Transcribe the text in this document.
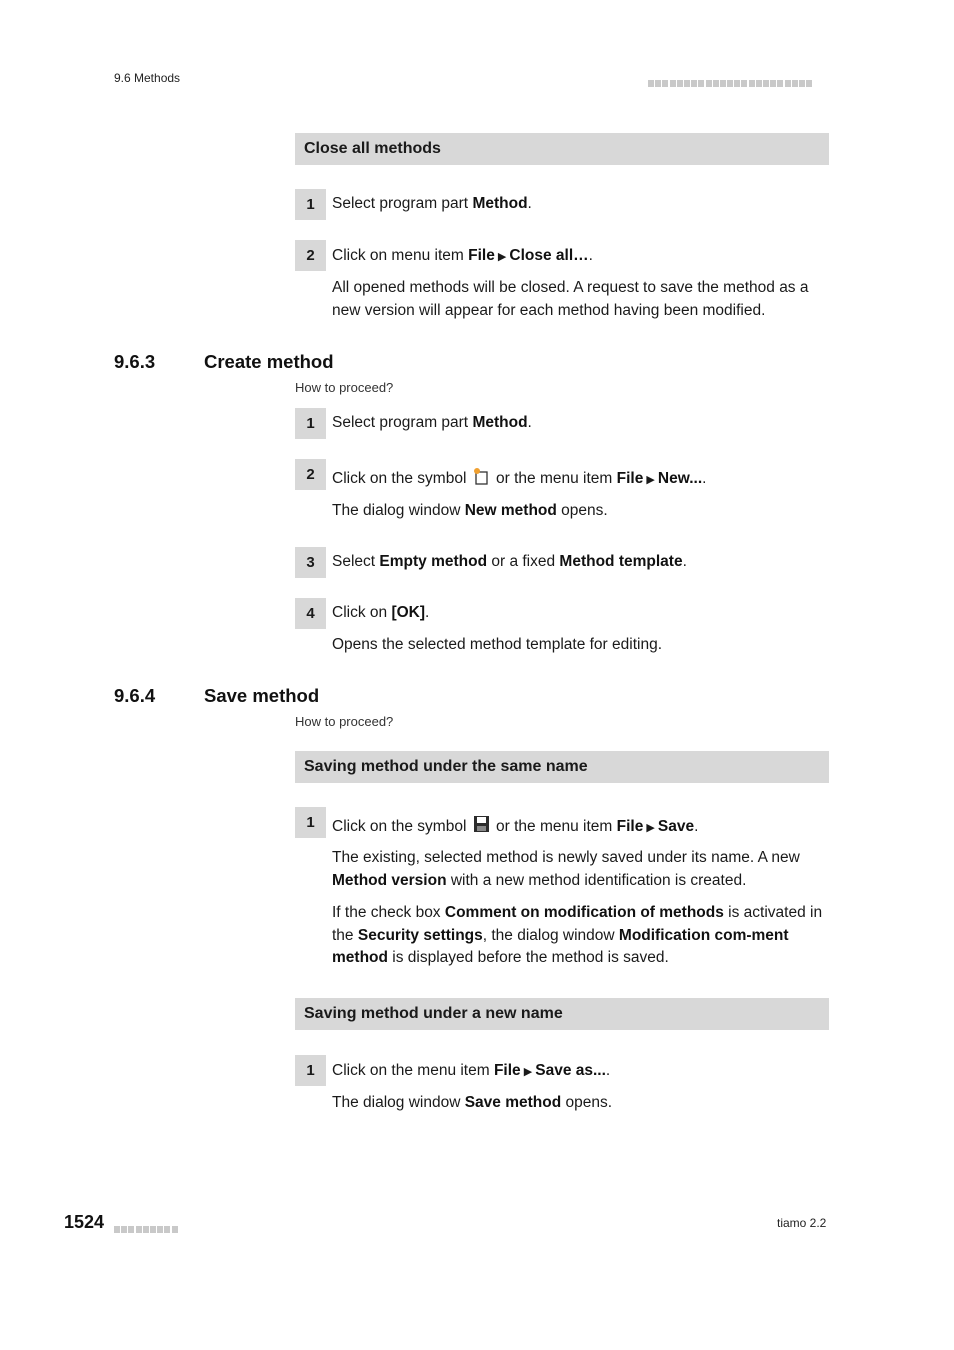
9.6 Methods
Close all methods
1	Select program part Method.
2	Click on menu item File ▶ Close all….
All opened methods will be closed. A request to save the method as a new version will appear for each method having been modified.
9.6.3	Create method
How to proceed?
1	Select program part Method.
2	Click on the symbol  or the menu item File ▶ New....
The dialog window New method opens.
3	Select Empty method or a fixed Method template.
4	Click on [OK].
Opens the selected method template for editing.
9.6.4	Save method
How to proceed?
Saving method under the same name
1	Click on the symbol  or the menu item File ▶ Save.
The existing, selected method is newly saved under its name. A new Method version with a new method identification is created.
If the check box Comment on modification of methods is activated in the Security settings, the dialog window Modification com-ment method is displayed before the method is saved.
Saving method under a new name
1	Click on the menu item File ▶ Save as....
The dialog window Save method opens.
1524	tiamo 2.2
